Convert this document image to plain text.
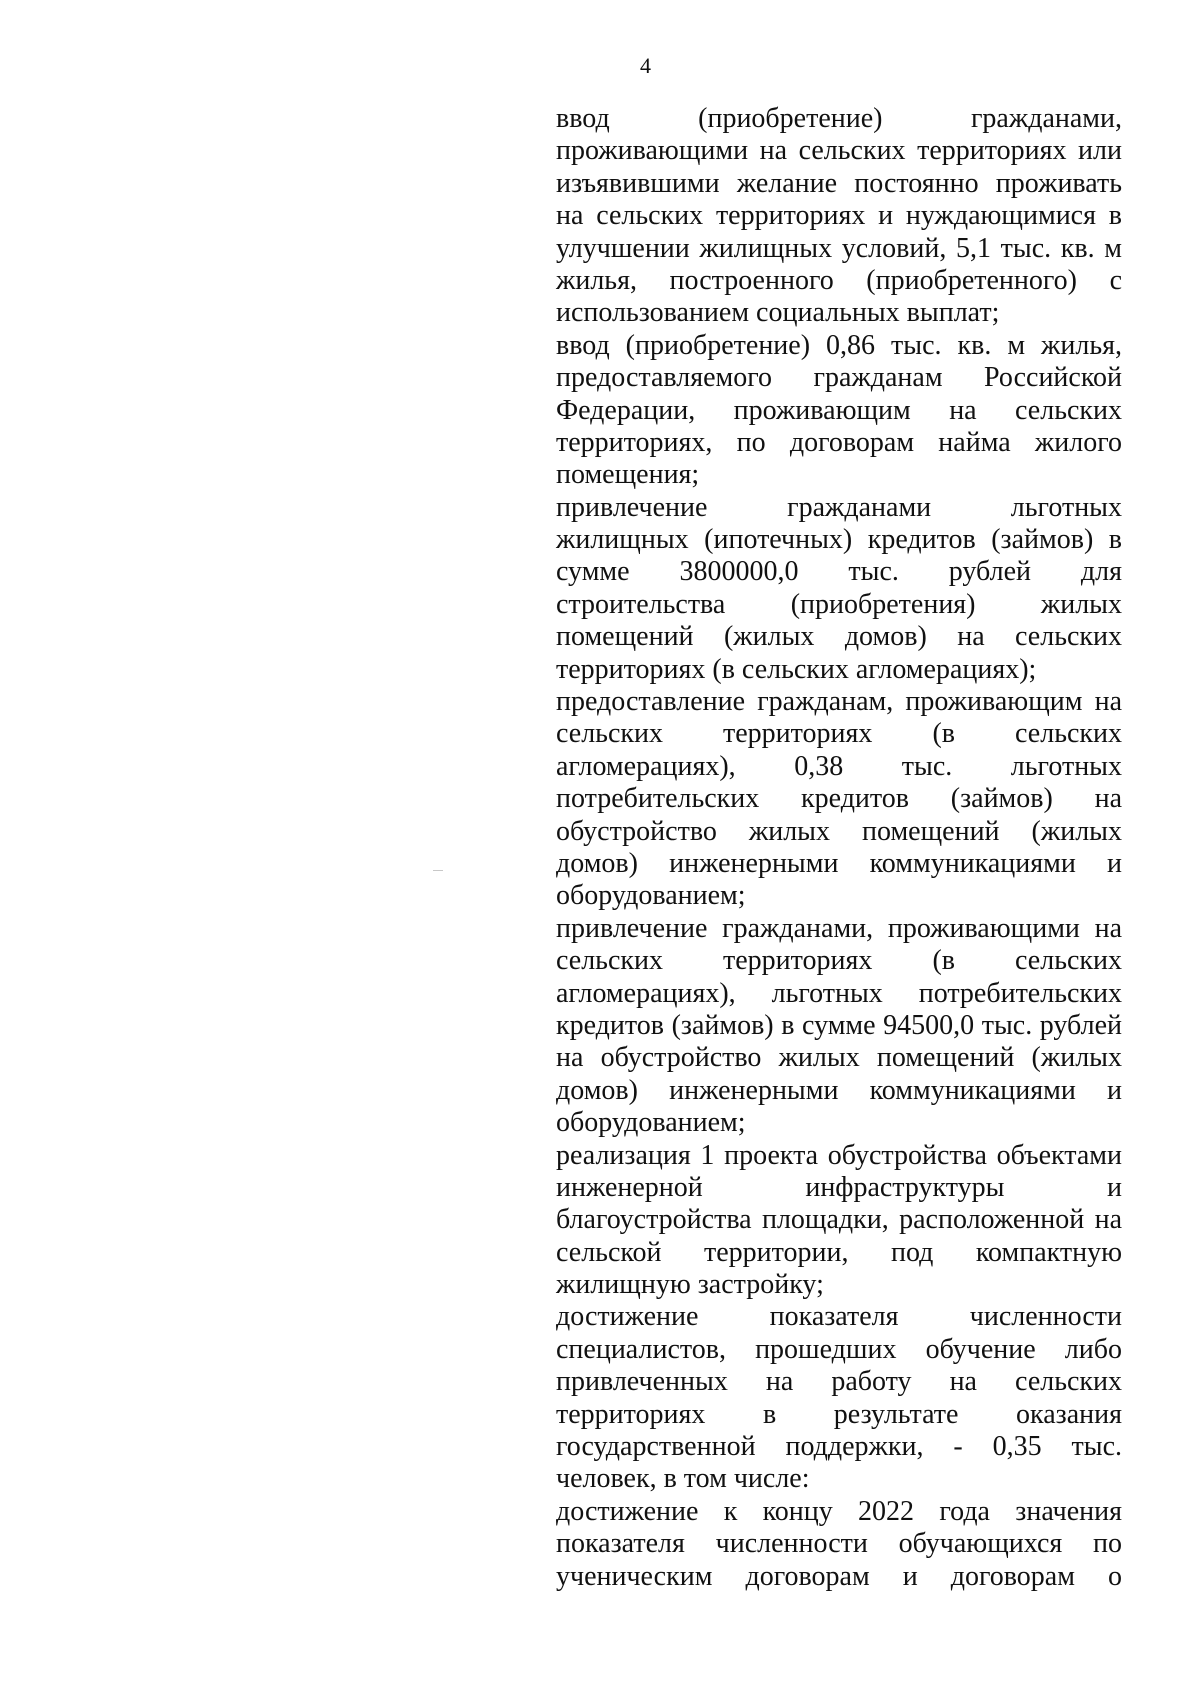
4
ввод (приобретение) гражданами,
проживающими на сельских территориях или
изъявившими желание постоянно проживать
на сельских территориях и нуждающимися в
улучшении жилищных условий, 5,1 тыс. кв. м
жилья, построенного (приобретенного) с
использованием социальных выплат;
ввод (приобретение) 0,86 тыс. кв. м жилья,
предоставляемого гражданам Российской
Федерации, проживающим на сельских
территориях, по договорам найма жилого
помещения;
привлечение гражданами льготных
жилищных (ипотечных) кредитов (займов) в
сумме 3800000,0 тыс. рублей для
строительства (приобретения) жилых
помещений (жилых домов) на сельских
территориях (в сельских агломерациях);
предоставление гражданам, проживающим на
сельских территориях (в сельских
агломерациях), 0,38 тыс. льготных
потребительских кредитов (займов) на
обустройство жилых помещений (жилых
домов) инженерными коммуникациями и
оборудованием;
привлечение гражданами, проживающими на
сельских территориях (в сельских
агломерациях), льготных потребительских
кредитов (займов) в сумме 94500,0 тыс. рублей
на обустройство жилых помещений (жилых
домов) инженерными коммуникациями и
оборудованием;
реализация 1 проекта обустройства объектами
инженерной инфраструктуры и
благоустройства площадки, расположенной на
сельской территории, под компактную
жилищную застройку;
достижение показателя численности
специалистов, прошедших обучение либо
привлеченных на работу на сельских
территориях в результате оказания
государственной поддержки, - 0,35 тыс.
человек, в том числе:
достижение к концу 2022 года значения
показателя численности обучающихся по
ученическим договорам и договорам о
